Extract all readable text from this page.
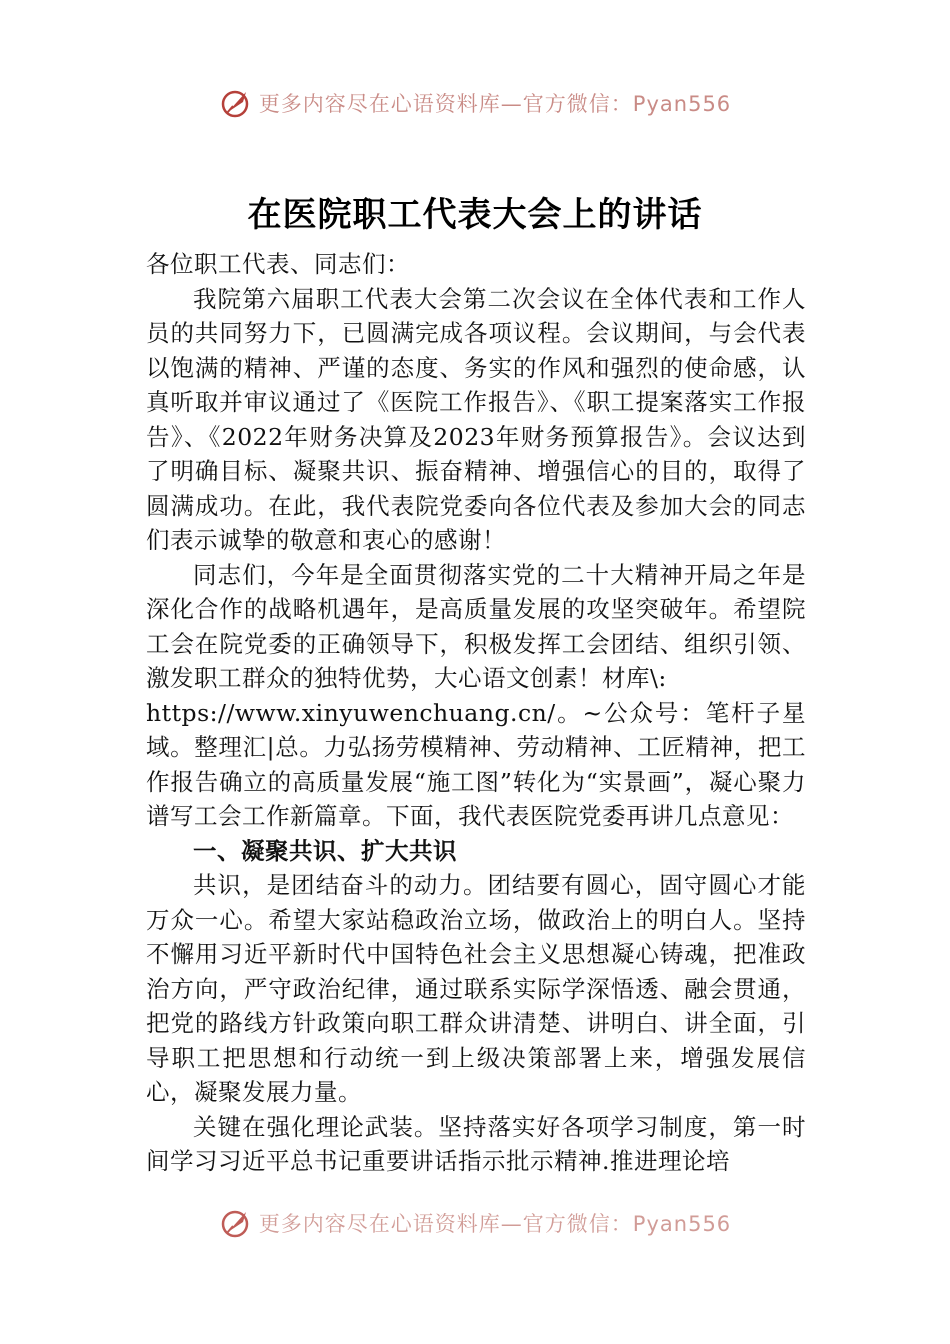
更多内容尽在心语资料库—官方微信：Pyan556
在医院职工代表大会上的讲话

各位职工代表、同志们：

我院第六届职工代表大会第二次会议在全体代表和工作人员的共同努力下，已圆满完成各项议程。会议期间，与会代表以饱满的精神、严谨的态度、务实的作风和强烈的使命感，认真听取并审议通过了《医院工作报告》、《职工提案落实工作报告》、《2022年财务决算及2023年财务预算报告》。会议达到了明确目标、凝聚共识、振奋精神、增强信心的目的，取得了圆满成功。在此，我代表院党委向各位代表及参加大会的同志们表示诚挚的敬意和衷心的感谢！

同志们，今年是全面贯彻落实党的二十大精神开局之年是深化合作的战略机遇年，是高质量发展的攻坚突破年。希望院工会在院党委的正确领导下，积极发挥工会团结、组织引领、激发职工群众的独特优势，大心语文创素！材库\:

https://www.xinyuwenchuang.cn/。~公众号：笔杆子星域。整理汇|总。力弘扬劳模精神、劳动精神、工匠精神，把工作报告确立的高质量发展“施工图”转化为“实景画”，凝心聚力谱写工会工作新篇章。下面，我代表医院党委再讲几点意见：

一、凝聚共识、扩大共识

共识，是团结奋斗的动力。团结要有圆心，固守圆心才能万众一心。希望大家站稳政治立场，做政治上的明白人。坚持不懈用习近平新时代中国特色社会主义思想凝心铸魂，把准政治方向，严守政治纪律，通过联系实际学深悟透、融会贯通，把党的路线方针政策向职工群众讲清楚、讲明白、讲全面，引导职工把思想和行动统一到上级决策部署上来，增强发展信心，凝聚发展力量。

关键在强化理论武装。坚持落实好各项学习制度，第一时间学习习近平总书记重要讲话指示批示精神.推进理论培

更多内容尽在心语资料库—官方微信：Pyan556
